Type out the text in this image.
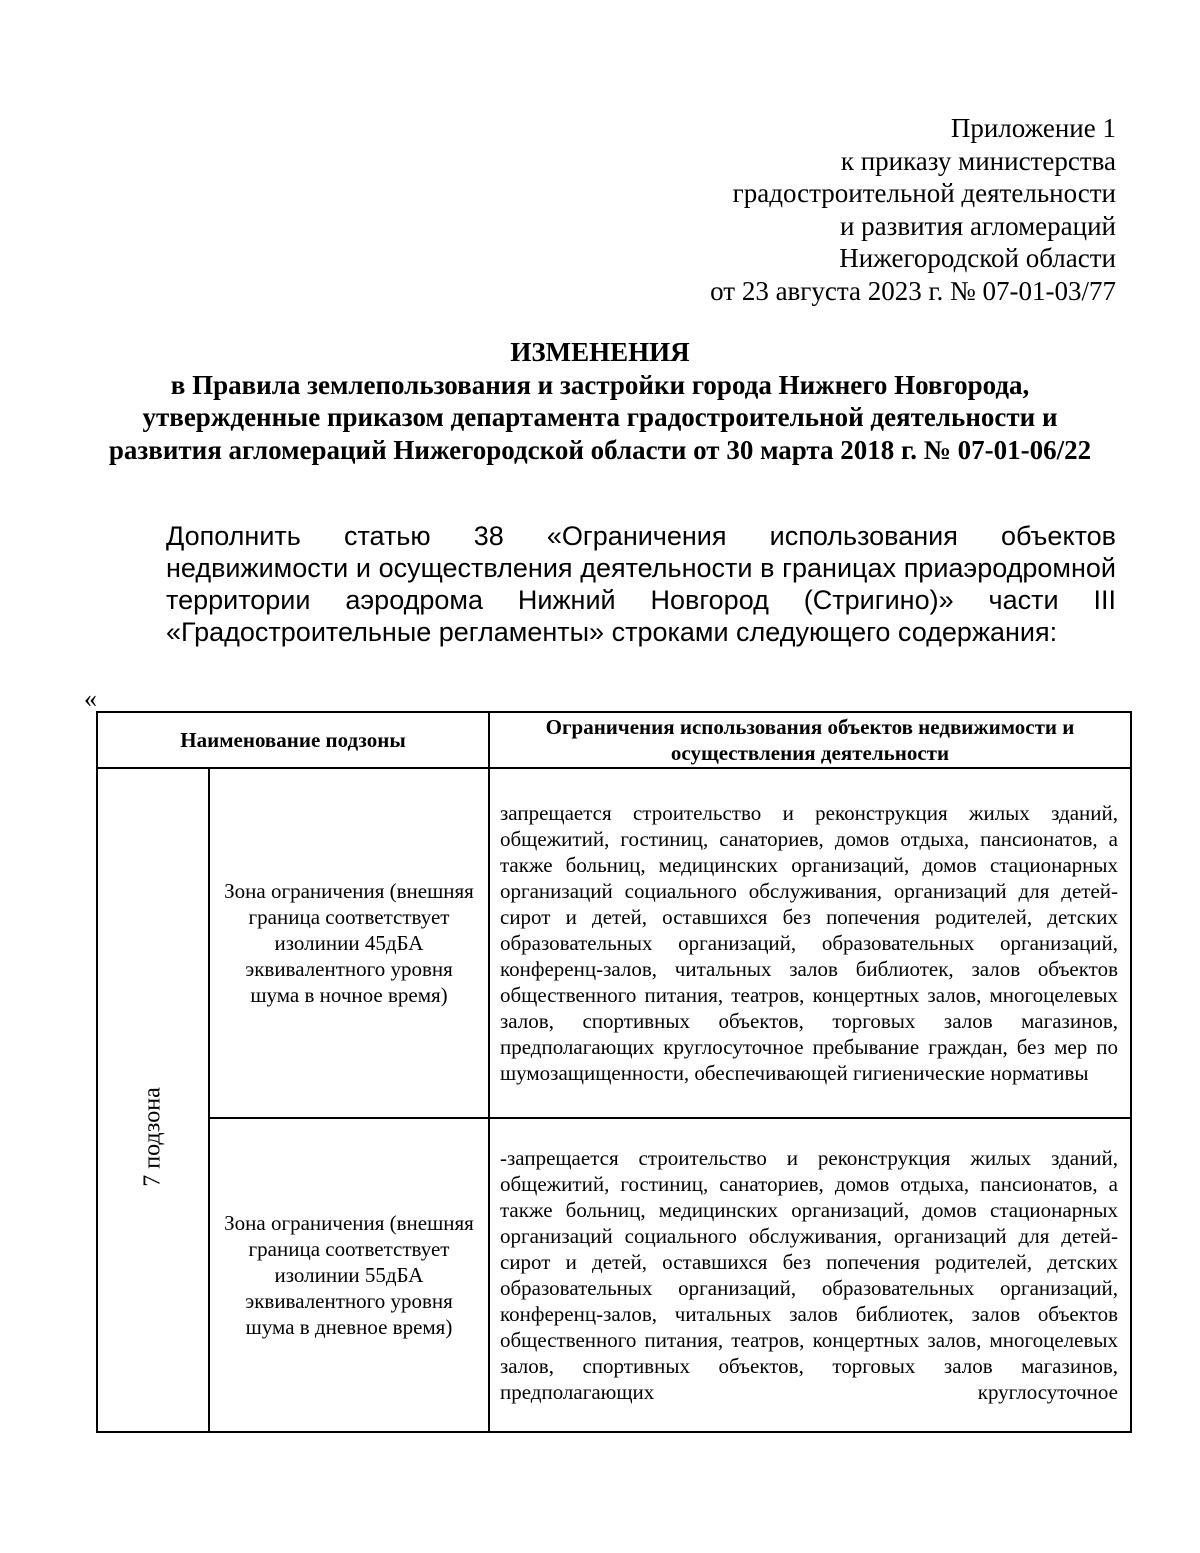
Приложение 1
к приказу министерства
градостроительной деятельности
и развития агломераций
Нижегородской области
от 23 августа 2023 г. № 07-01-03/77
ИЗМЕНЕНИЯ
в Правила землепользования и застройки города Нижнего Новгорода, утвержденные приказом департамента градостроительной деятельности и развития агломераций Нижегородской области от 30 марта 2018 г. № 07-01-06/22
Дополнить статью 38 «Ограничения использования объектов недвижимости и осуществления деятельности в границах приаэродромной территории аэродрома Нижний Новгород (Стригино)» части III «Градостроительные регламенты» строками следующего содержания:
«
Наименование подзоны		Ограничения использования объектов недвижимости и осуществления деятельности

7 подзона	Зона ограничения (внешняя граница соответствует изолинии 45дБА эквивалентного уровня шума в ночное время)	запрещается строительство и реконструкция жилых зданий, общежитий, гостиниц, санаториев, домов отдыха, пансионатов, а также больниц, медицинских организаций, домов стационарных организаций социального обслуживания, организаций для детей-сирот и детей, оставшихся без попечения родителей, детских образовательных организаций, образовательных организаций, конференц-залов, читальных залов библиотек, залов объектов общественного питания, театров, концертных залов, многоцелевых залов, спортивных объектов, торговых залов магазинов, предполагающих круглосуточное пребывание граждан, без мер по шумозащищенности, обеспечивающей гигиенические нормативы
	Зона ограничения (внешняя граница соответствует изолинии 55дБА эквивалентного уровня шума в дневное время)	-запрещается строительство и реконструкция жилых зданий, общежитий, гостиниц, санаториев, домов отдыха, пансионатов, а также больниц, медицинских организаций, домов стационарных организаций социального обслуживания, организаций для детей-сирот и детей, оставшихся без попечения родителей, детских образовательных организаций, образовательных организаций, конференц-залов, читальных залов библиотек, залов объектов общественного питания, театров, концертных залов, многоцелевых залов, спортивных объектов, торговых залов магазинов, предполагающих круглосуточное
